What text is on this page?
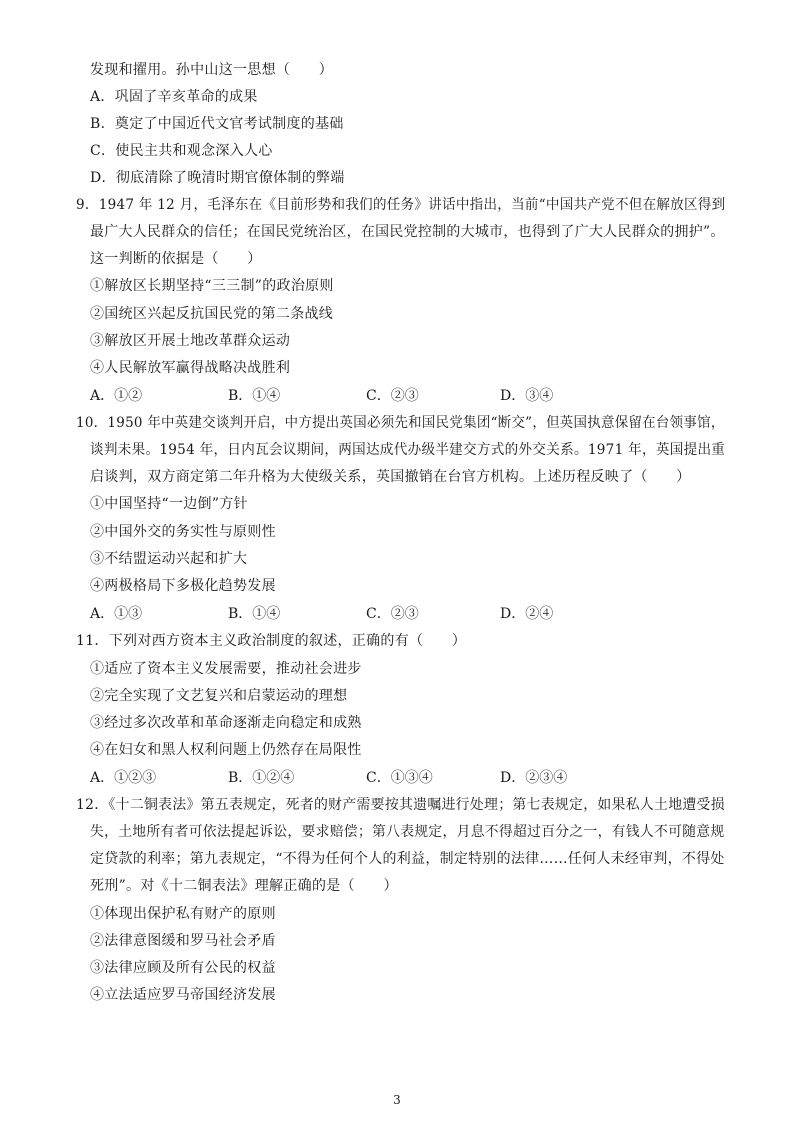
发现和擢用。孙中山这一思想（　　）
A．巩固了辛亥革命的成果
B．奠定了中国近代文官考试制度的基础
C．使民主共和观念深入人心
D．彻底清除了晚清时期官僚体制的弊端
9．1947 年 12 月，毛泽东在《目前形势和我们的任务》讲话中指出，当前“中国共产党不但在解放区得到
最广大人民群众的信任；在国民党统治区，在国民党控制的大城市，也得到了广大人民群众的拥护”。
这一判断的依据是（　　）
①解放区长期坚持“三三制”的政治原则
②国统区兴起反抗国民党的第二条战线
③解放区开展土地改革群众运动
④人民解放军赢得战略决战胜利
A．①②	B．①④	C．②③	D．③④
10．1950 年中英建交谈判开启，中方提出英国必须先和国民党集团“断交”，但英国执意保留在台领事馆，
谈判未果。1954 年，日内瓦会议期间，两国达成代办级半建交方式的外交关系。1971 年，英国提出重
启谈判，双方商定第二年升格为大使级关系，英国撤销在台官方机构。上述历程反映了（　　）
①中国坚持“一边倒”方针
②中国外交的务实性与原则性
③不结盟运动兴起和扩大
④两极格局下多极化趋势发展
A．①③	B．①④	C．②③	D．②④
11．下列对西方资本主义政治制度的叙述，正确的有（　　）
①适应了资本主义发展需要，推动社会进步
②完全实现了文艺复兴和启蒙运动的理想
③经过多次改革和革命逐渐走向稳定和成熟
④在妇女和黑人权利问题上仍然存在局限性
A．①②③	B．①②④	C．①③④	D．②③④
12．《十二铜表法》第五表规定，死者的财产需要按其遗嘱进行处理；第七表规定，如果私人土地遭受损
失，土地所有者可依法提起诉讼，要求赔偿；第八表规定，月息不得超过百分之一，有钱人不可随意规
定贷款的利率；第九表规定，“不得为任何个人的利益，制定特别的法律……任何人未经审判，不得处
死刑”。对《十二铜表法》理解正确的是（　　）
①体现出保护私有财产的原则
②法律意图缓和罗马社会矛盾
③法律应顾及所有公民的权益
④立法适应罗马帝国经济发展
3
